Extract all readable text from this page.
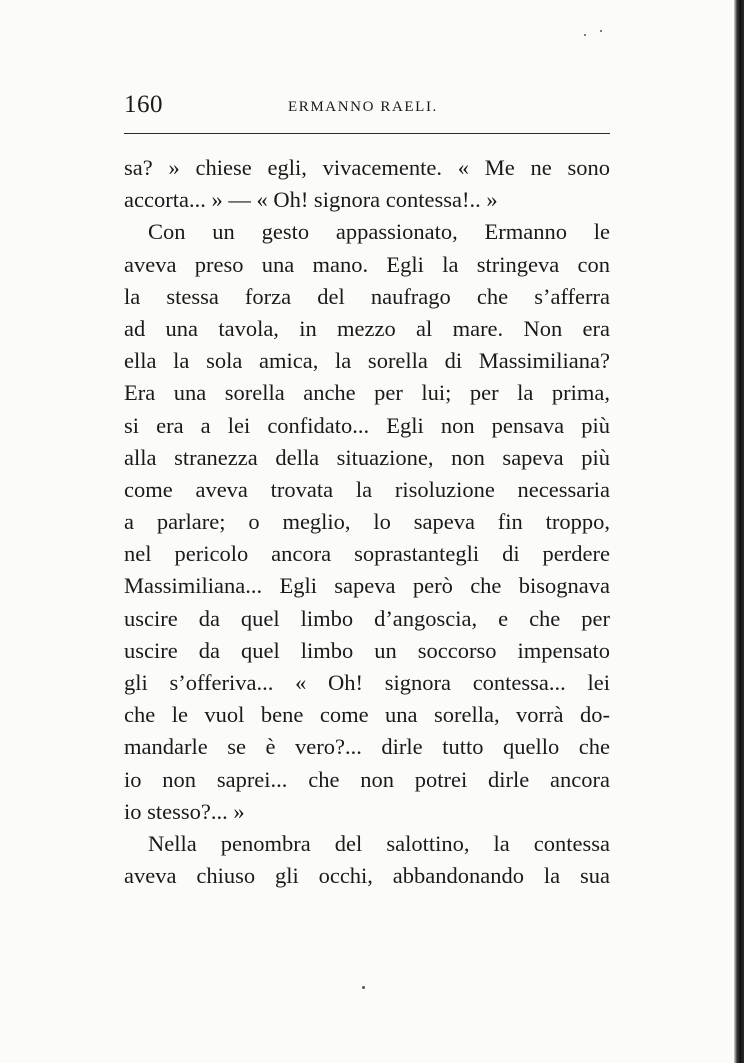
160	ERMANNO RAELI.
sa? » chiese egli, vivacemente. « Me ne sono
accorta... » — « Oh! signora contessa!.. »
Con un gesto appassionato, Ermanno le
aveva preso una mano. Egli la stringeva con
la stessa forza del naufrago che s’afferra
ad una tavola, in mezzo al mare. Non era
ella la sola amica, la sorella di Massimiliana?
Era una sorella anche per lui; per la prima,
si era a lei confidato... Egli non pensava più
alla stranezza della situazione, non sapeva più
come aveva trovata la risoluzione necessaria
a parlare; o meglio, lo sapeva fin troppo,
nel pericolo ancora soprastantegli di perdere
Massimiliana... Egli sapeva però che bisognava
uscire da quel limbo d’angoscia, e che per
uscire da quel limbo un soccorso impensato
gli s’offeriva... « Oh! signora contessa... lei
che le vuol bene come una sorella, vorrà do-
mandarle se è vero?... dirle tutto quello che
io non saprei... che non potrei dirle ancora
io stesso?... »
Nella penombra del salottino, la contessa
aveva chiuso gli occhi, abbandonando la sua
